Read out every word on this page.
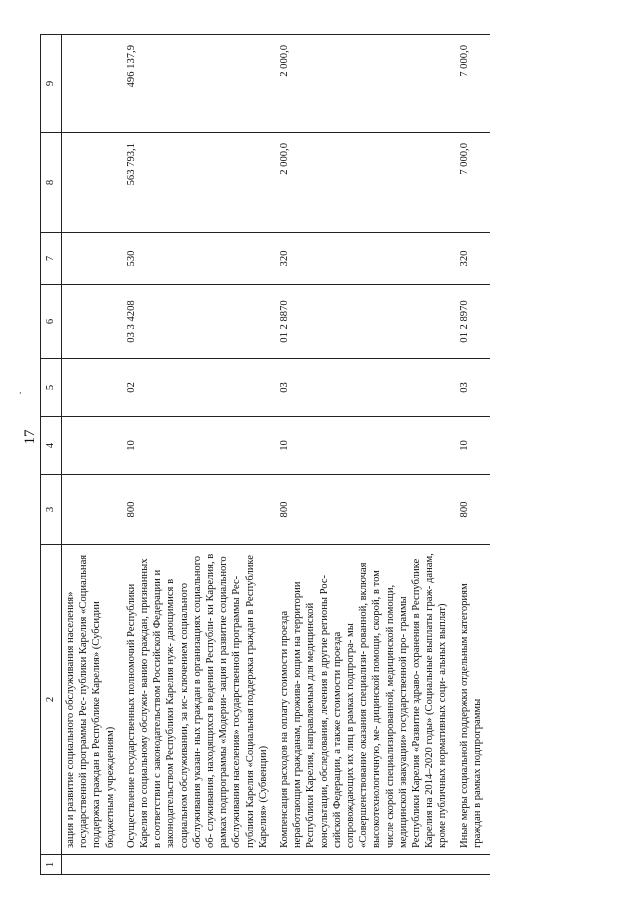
17
·
1	2	3	4	5	6	7	8	9
	зация и развитие социального обслуживания населения» государственной программы Рес- публики Карелия «Социальная поддержка граждан в Республике Карелия» (Субсидии бюджетным учреждениям)							
	Осуществление государственных полномочий Республики Карелия по социальному обслужи- ванию граждан, признанных в соответствии с законодательством Российской Федерации и законодательством Республики Карелия нуж- дающимися в социальном обслуживании, за ис- ключением социального обслуживания указан- ных граждан в организациях социального об- служивания, находящихся в ведении Республи- ки Карелия, в рамках подпрограммы «Модерни- зация и развитие социального обслуживания населения» государственной программы Рес- публики Карелия «Социальная поддержка граждан в Республике Карелия» (Субвенции)	800	10	02	03 3 4208	530	563 793,1	496 137,9
	Компенсация расходов на оплату стоимости проезда неработающим гражданам, прожива- ющим на территории Республики Карелия, направляемым для медицинской консультации, обследования, лечения в другие регионы Рос- сийской Федерации, а также стоимости проезда сопровождающих их лиц в рамках подпрогра- мы «Совершенствование оказания специализи- рованной, включая высокотехнологичную, ме- дицинской помощи, скорой, в том числе скорой специализированной, медицинской помощи, медицинской эвакуации» государственной про- граммы Республики Карелия «Развитие здраво- охранения в Республике Карелия на 2014–2020 годы» (Социальные выплаты граж- данам, кроме публичных нормативных соци- альных выплат)	800	10	03	01 2 8870	320	2 000,0	2 000,0
	Иные меры социальной поддержки отдельным категориям граждан в рамках подпрограммы	800	10	03	01 2 8970	320	7 000,0	7 000,0
